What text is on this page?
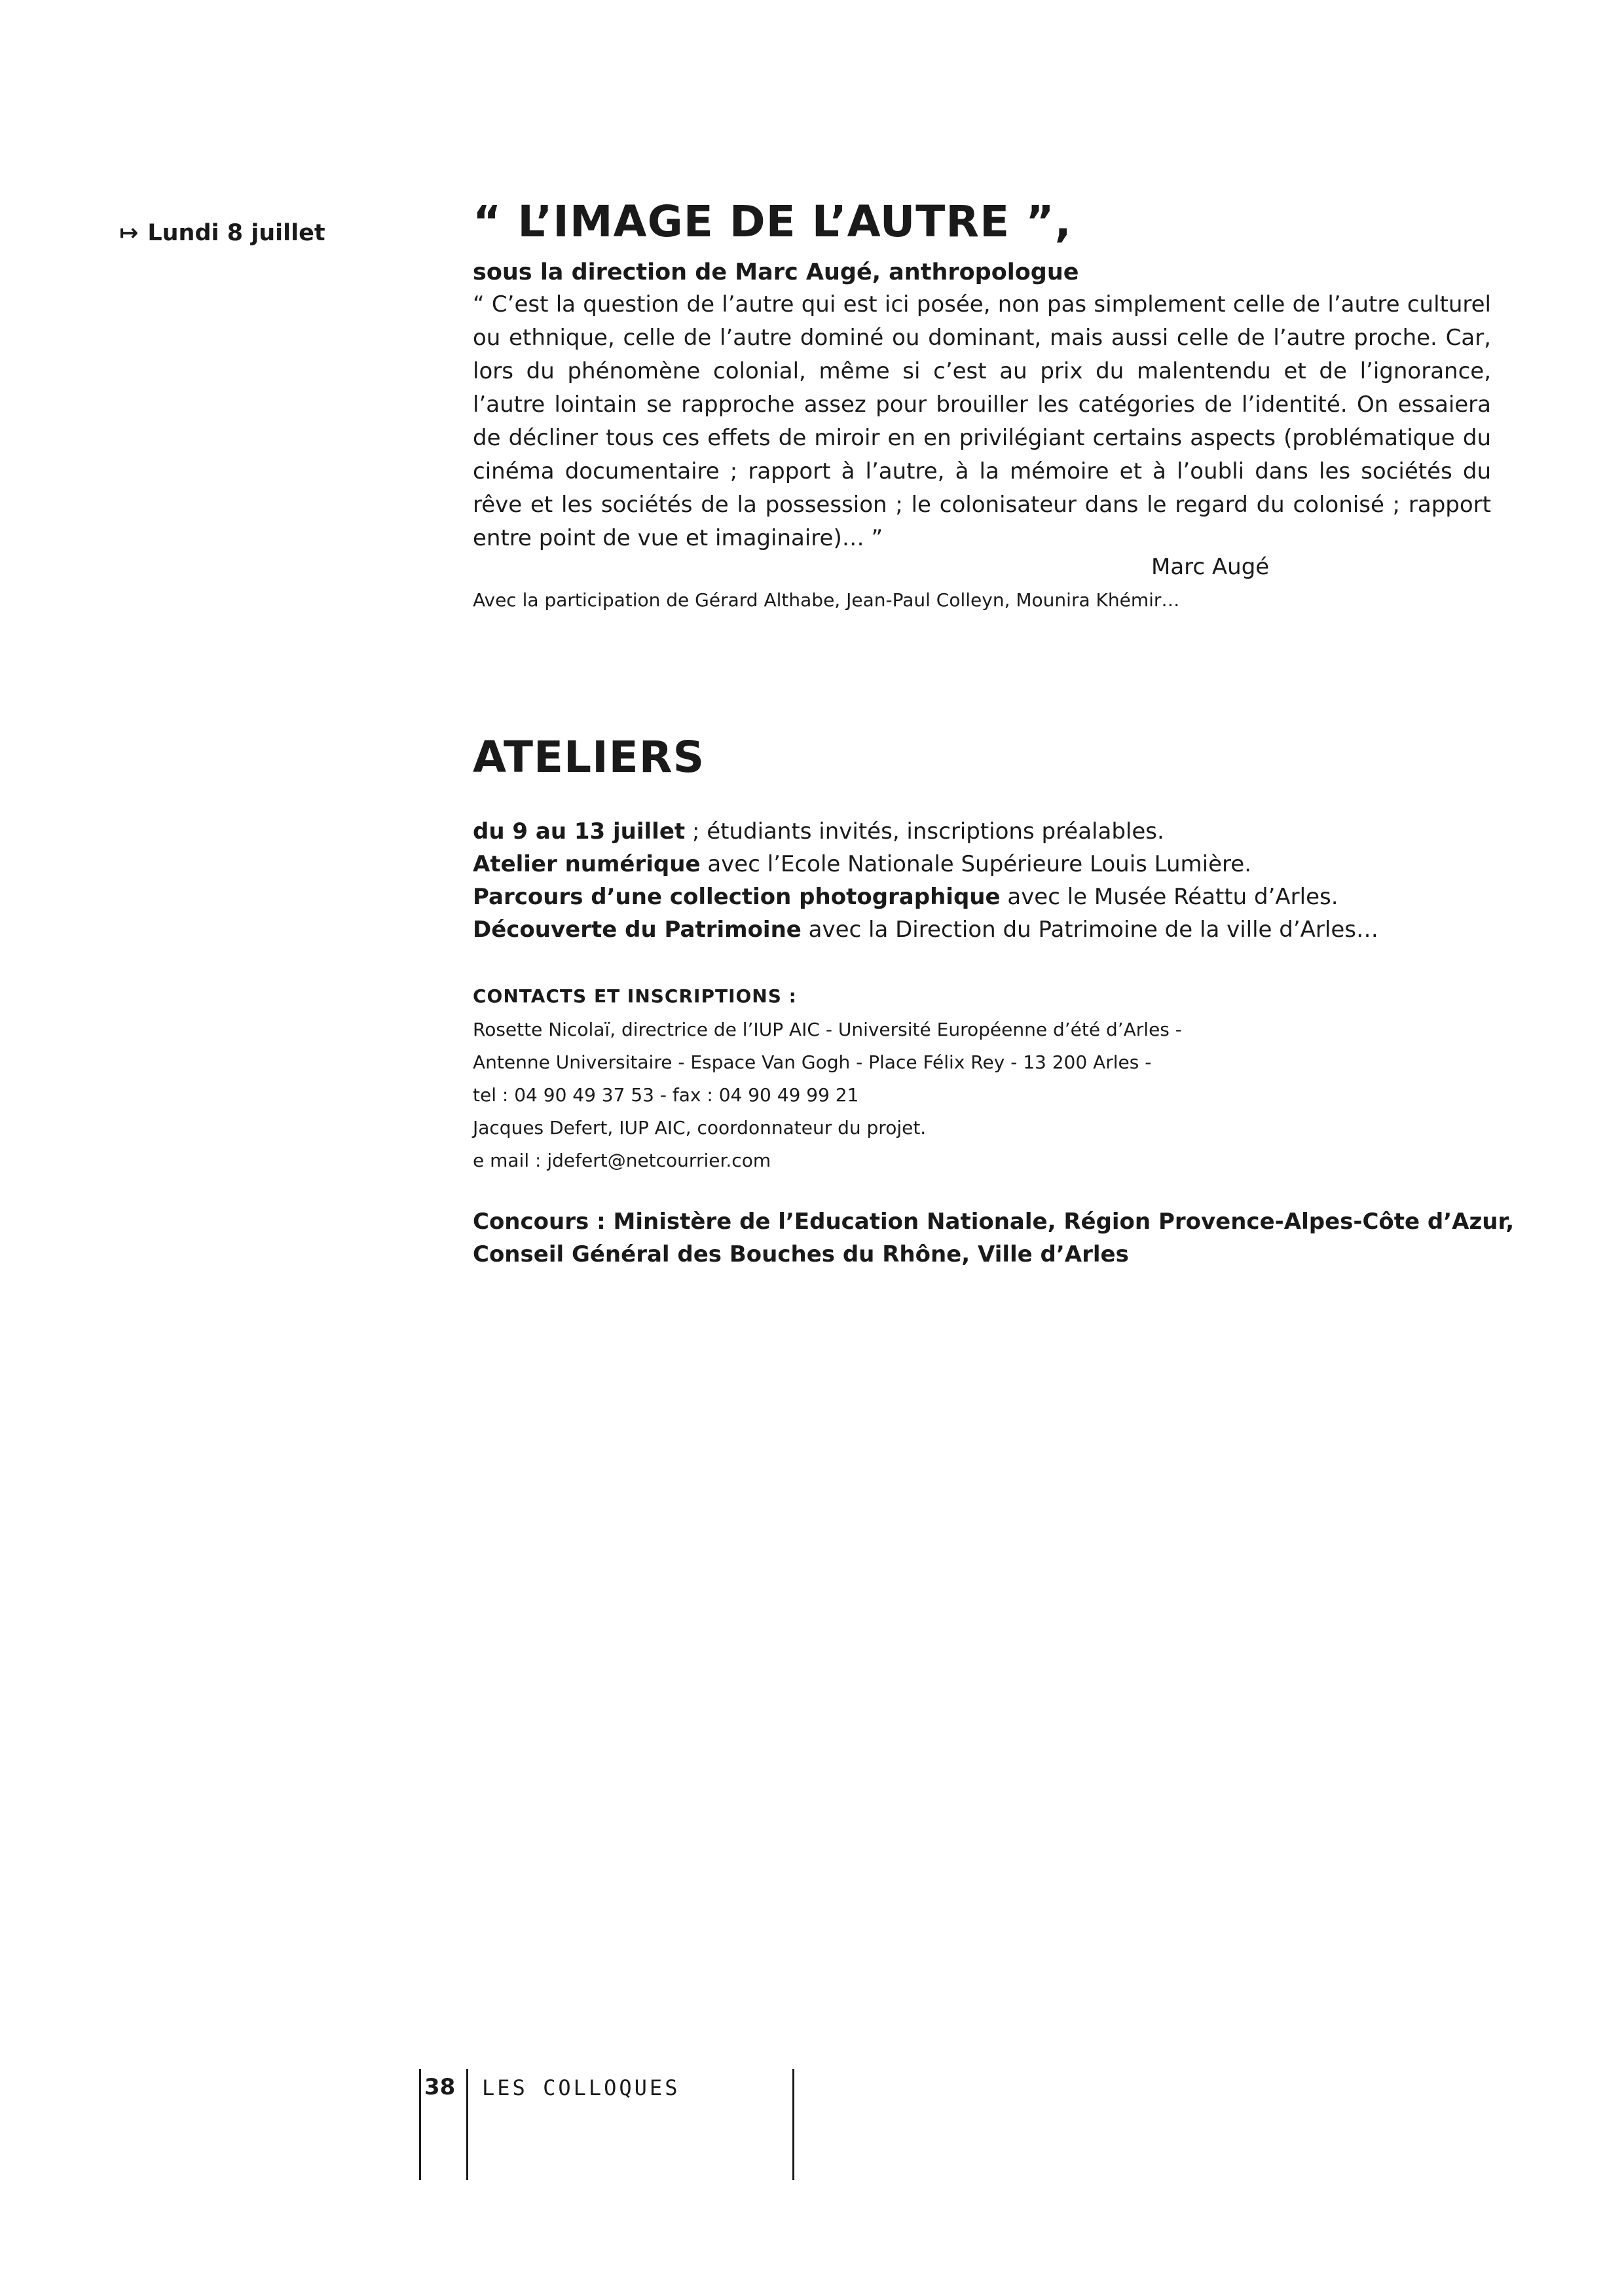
↦ Lundi 8 juillet	“ L’IMAGE DE L’AUTRE ”,
sous la direction de Marc Augé, anthropologue
“ C’est la question de l’autre qui est ici posée, non pas simplement celle de l’autre culturel ou ethnique, celle de l’autre dominé ou dominant, mais aussi celle de l’autre proche. Car, lors du phénomène colonial, même si c’est au prix du malentendu et de l’ignorance, l’autre lointain se rapproche assez pour brouiller les catégories de l’identité. On essaiera de décliner tous ces effets de miroir en en privilégiant certains aspects (problématique du cinéma documentaire ; rapport à l’autre, à la mémoire et à l’oubli dans les sociétés du rêve et les sociétés de la possession ; le colonisateur dans le regard du colonisé ; rapport entre point de vue et imaginaire)… ”
Marc Augé
Avec la participation de Gérard Althabe, Jean-Paul Colleyn, Mounira Khémir…
ATELIERS
du 9 au 13 juillet ; étudiants invités, inscriptions préalables.
Atelier numérique avec l’Ecole Nationale Supérieure Louis Lumière.
Parcours d’une collection photographique avec le Musée Réattu d’Arles.
Découverte du Patrimoine avec la Direction du Patrimoine de la ville d’Arles…
CONTACTS ET INSCRIPTIONS :
Rosette Nicolaï, directrice de l’IUP AIC - Université Européenne d’été d’Arles -
Antenne Universitaire - Espace Van Gogh - Place Félix Rey - 13 200 Arles -
tel : 04 90 49 37 53 - fax : 04 90 49 99 21
Jacques Defert, IUP AIC, coordonnateur du projet.
e mail : jdefert@netcourrier.com
Concours : Ministère de l’Education Nationale, Région Provence-Alpes-Côte d’Azur,
Conseil Général des Bouches du Rhône, Ville d’Arles
38 LES COLLOQUES
